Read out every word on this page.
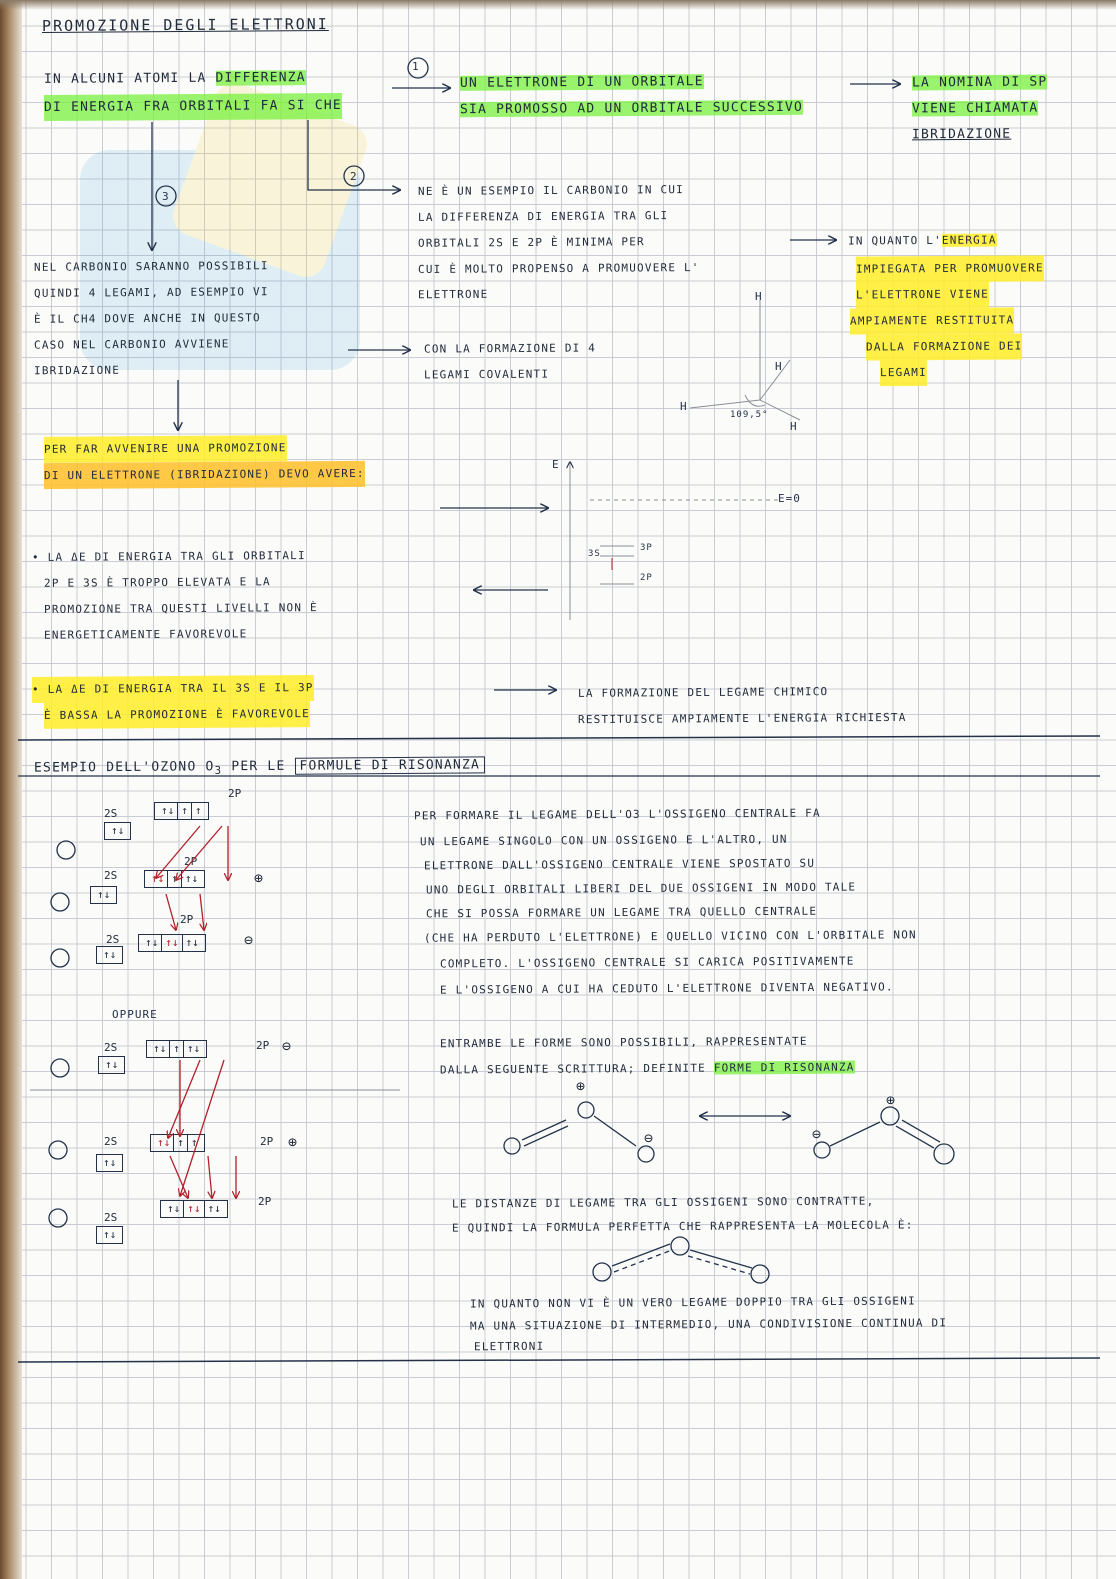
PROMOZIONE DEGLI ELETTRONI
IN ALCUNI ATOMI LA DIFFERENZA
DI ENERGIA FRA ORBITALI FA SI CHE
UN ELETTRONE DI UN ORBITALE
SIA PROMOSSO AD UN ORBITALE SUCCESSIVO
LA NOMINA DI SP
VIENE CHIAMATA
IBRIDAZIONE
1
2
3	NE È UN ESEMPIO IL CARBONIO IN CUI
LA DIFFERENZA DI ENERGIA TRA GLI
ORBITALI 2S E 2P È MINIMA PER
CUI È MOLTO PROPENSO A PROMUOVERE L'
ELETTRONE
IN QUANTO L'ENERGIA
IMPIEGATA PER PROMUOVERE
L'ELETTRONE VIENE
AMPIAMENTE RESTITUITA
DALLA FORMAZIONE DEI
LEGAMI
NEL CARBONIO SARANNO POSSIBILI
QUINDI 4 LEGAMI, AD ESEMPIO VI
È IL CH4 DOVE ANCHE IN QUESTO
CASO NEL CARBONIO AVVIENE
IBRIDAZIONE
CON LA FORMAZIONE DI 4
LEGAMI COVALENTI
H
H
H
H
109,5°
PER FAR AVVENIRE UNA PROMOZIONE
DI UN ELETTRONE (IBRIDAZIONE) DEVO AVERE:
E
E=0
3S
3P
2P
• LA ΔE DI ENERGIA TRA GLI ORBITALI
2P E 3S È TROPPO ELEVATA E LA
PROMOZIONE TRA QUESTI LIVELLI NON È
ENERGETICAMENTE FAVOREVOLE
• LA ΔE DI ENERGIA TRA IL 3S E IL 3P
È BASSA LA PROMOZIONE È FAVOREVOLE
LA FORMAZIONE DEL LEGAME CHIMICO
RESTITUISCE AMPIAMENTE L'ENERGIA RICHIESTA
ESEMPIO DELL'OZONO $O_3$ PER LE FORMULE DI RISONANZA
PER FORMARE IL LEGAME DELL'O3 L'OSSIGENO CENTRALE FA
UN LEGAME SINGOLO CON UN OSSIGENO E L'ALTRO, UN
ELETTRONE DALL'OSSIGENO CENTRALE VIENE SPOSTATO SU
UNO DEGLI ORBITALI LIBERI DEL DUE OSSIGENI IN MODO TALE
CHE SI POSSA FORMARE UN LEGAME TRA QUELLO CENTRALE
(CHE HA PERDUTO L'ELETTRONE) E QUELLO VICINO CON L'ORBITALE NON
COMPLETO. L'OSSIGENO CENTRALE SI CARICA POSITIVAMENTE
E L'OSSIGENO A CUI HA CEDUTO L'ELETTRONE DIVENTA NEGATIVO.
ENTRAMBE LE FORME SONO POSSIBILI, RAPPRESENTATE
DALLA SEGUENTE SCRITTURA; DEFINITE FORME DI RISONANZA
LE DISTANZE DI LEGAME TRA GLI OSSIGENI SONO CONTRATTE,
E QUINDI LA FORMULA PERFETTA CHE RAPPRESENTA LA MOLECOLA È:
IN QUANTO NON VI È UN VERO LEGAME DOPPIO TRA GLI OSSIGENI
MA UNA SITUAZIONE DI INTERMEDIO, UNA CONDIVISIONE CONTINUA DI
ELETTRONI
OPPURE
2S
↑↓
2P
↑↓ ↑ ↑
2S
↑↓
2P
↑↓ ↑ ↑↓	⊕
2S
↑↓
2P
↑↓ ↑↓ ↑↓	⊖
2S
↑↓
↑↓ ↑ ↑↓	2P ⊖
2S
↑↓
↑↓ ↑ ↑	2P ⊕
2S
↑↓
↑↓ ↑↓ ↑↓
2P
⊕
⊖
⊕
⊖
